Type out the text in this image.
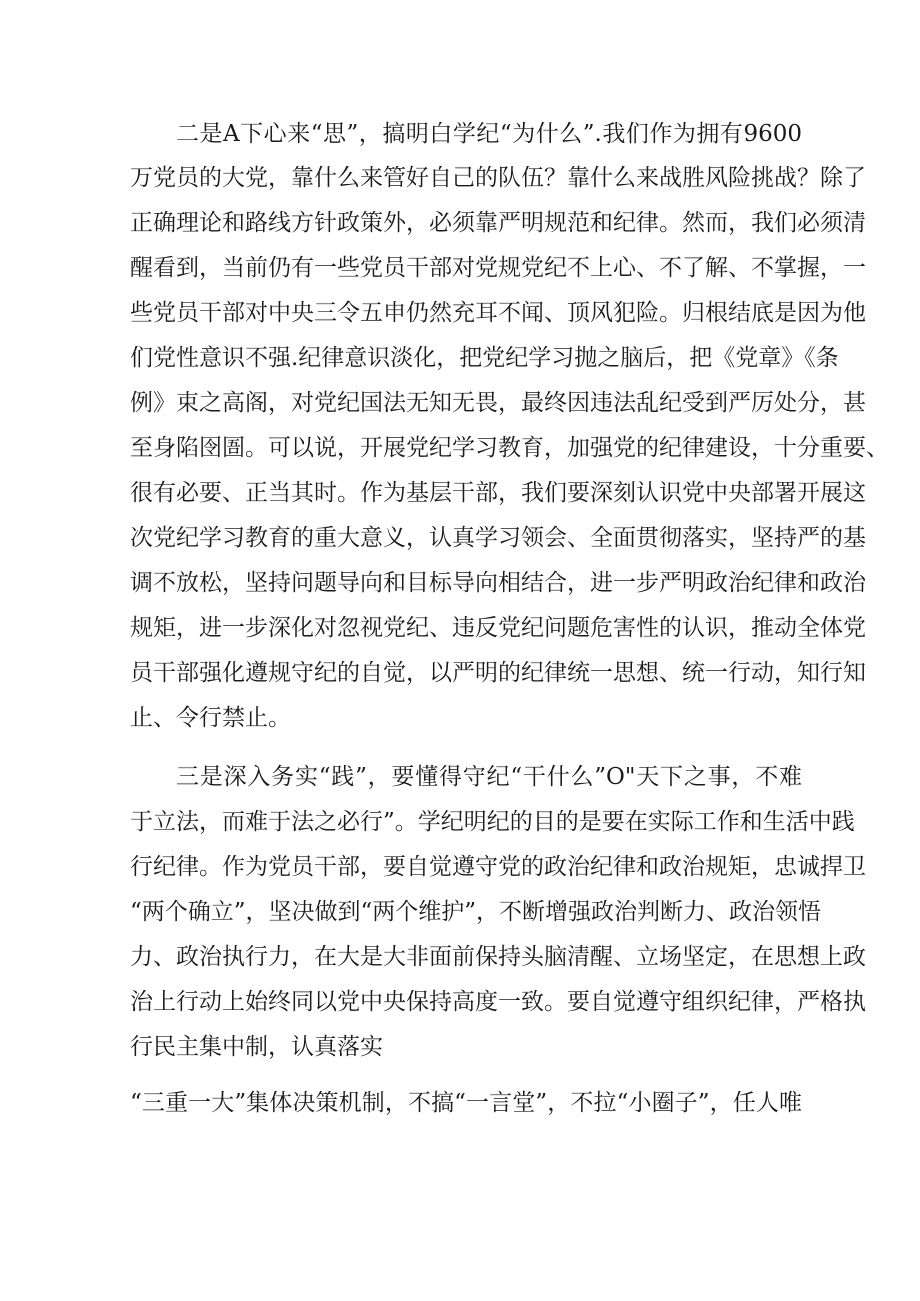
二是A下心来“思”，搞明白学纪“为什么”.我们作为拥有9600
万党员的大党，靠什么来管好自己的队伍？靠什么来战胜风险挑战？除了
正确理论和路线方针政策外，必须靠严明规范和纪律。然而，我们必须清
醒看到，当前仍有一些党员干部对党规党纪不上心、不了解、不掌握，一
些党员干部对中央三令五申仍然充耳不闻、顶风犯险。归根结底是因为他
们党性意识不强.纪律意识淡化，把党纪学习抛之脑后，把《党章》《条
例》束之高阁，对党纪国法无知无畏，最终因违法乱纪受到严厉处分，甚
至身陷囹圄。可以说，开展党纪学习教育，加强党的纪律建设，十分重要、
很有必要、正当其时。作为基层干部，我们要深刻认识党中央部署开展这
次党纪学习教育的重大意义，认真学习领会、全面贯彻落实，坚持严的基
调不放松，坚持问题导向和目标导向相结合，进一步严明政治纪律和政治
规矩，进一步深化对忽视党纪、违反党纪问题危害性的认识，推动全体党
员干部强化遵规守纪的自觉，以严明的纪律统一思想、统一行动，知行知
止、令行禁止。
三是深入务实“践”，要懂得守纪“干什么”O"天下之事，不难
于立法，而难于法之必行”。学纪明纪的目的是要在实际工作和生活中践
行纪律。作为党员干部，要自觉遵守党的政治纪律和政治规矩，忠诚捍卫
“两个确立”，坚决做到“两个维护”，不断增强政治判断力、政治领悟
力、政治执行力，在大是大非面前保持头脑清醒、立场坚定，在思想上政
治上行动上始终同以党中央保持高度一致。要自觉遵守组织纪律，严格执
行民主集中制，认真落实
“三重一大”集体决策机制，不搞“一言堂”，不拉“小圈子”，任人唯
